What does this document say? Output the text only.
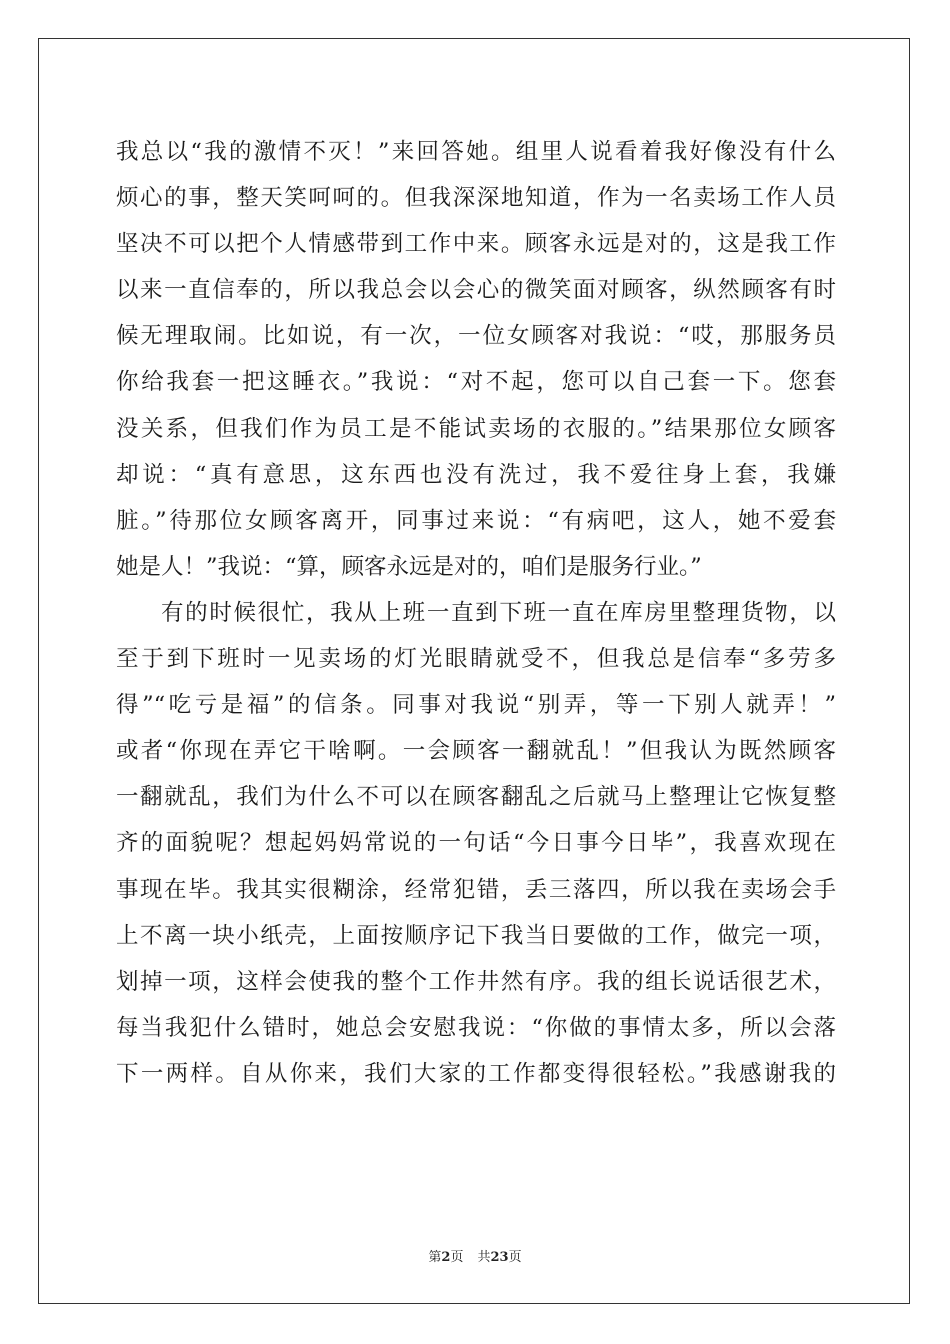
我总以“我的激情不灭！”来回答她。组里人说看着我好像没有什么
烦心的事，整天笑呵呵的。但我深深地知道，作为一名卖场工作人员
坚决不可以把个人情感带到工作中来。顾客永远是对的，这是我工作
以来一直信奉的，所以我总会以会心的微笑面对顾客，纵然顾客有时
候无理取闹。比如说，有一次，一位女顾客对我说：“哎，那服务员
你给我套一把这睡衣。”我说：“对不起，您可以自己套一下。您套
没关系，但我们作为员工是不能试卖场的衣服的。”结果那位女顾客
却说：“真有意思，这东西也没有洗过，我不爱往身上套，我嫌
脏。”待那位女顾客离开，同事过来说：“有病吧，这人，她不爱套
她是人！”我说：“算，顾客永远是对的，咱们是服务行业。”
有的时候很忙，我从上班一直到下班一直在库房里整理货物，以
至于到下班时一见卖场的灯光眼睛就受不，但我总是信奉“多劳多
得”“吃亏是福”的信条。同事对我说“别弄，等一下别人就弄！”
或者“你现在弄它干啥啊。一会顾客一翻就乱！”但我认为既然顾客
一翻就乱，我们为什么不可以在顾客翻乱之后就马上整理让它恢复整
齐的面貌呢？想起妈妈常说的一句话“今日事今日毕”，我喜欢现在
事现在毕。我其实很糊涂，经常犯错，丢三落四，所以我在卖场会手
上不离一块小纸壳，上面按顺序记下我当日要做的工作，做完一项，
划掉一项，这样会使我的整个工作井然有序。我的组长说话很艺术，
每当我犯什么错时，她总会安慰我说：“你做的事情太多，所以会落
下一两样。自从你来，我们大家的工作都变得很轻松。”我感谢我的
第2页 共23页
